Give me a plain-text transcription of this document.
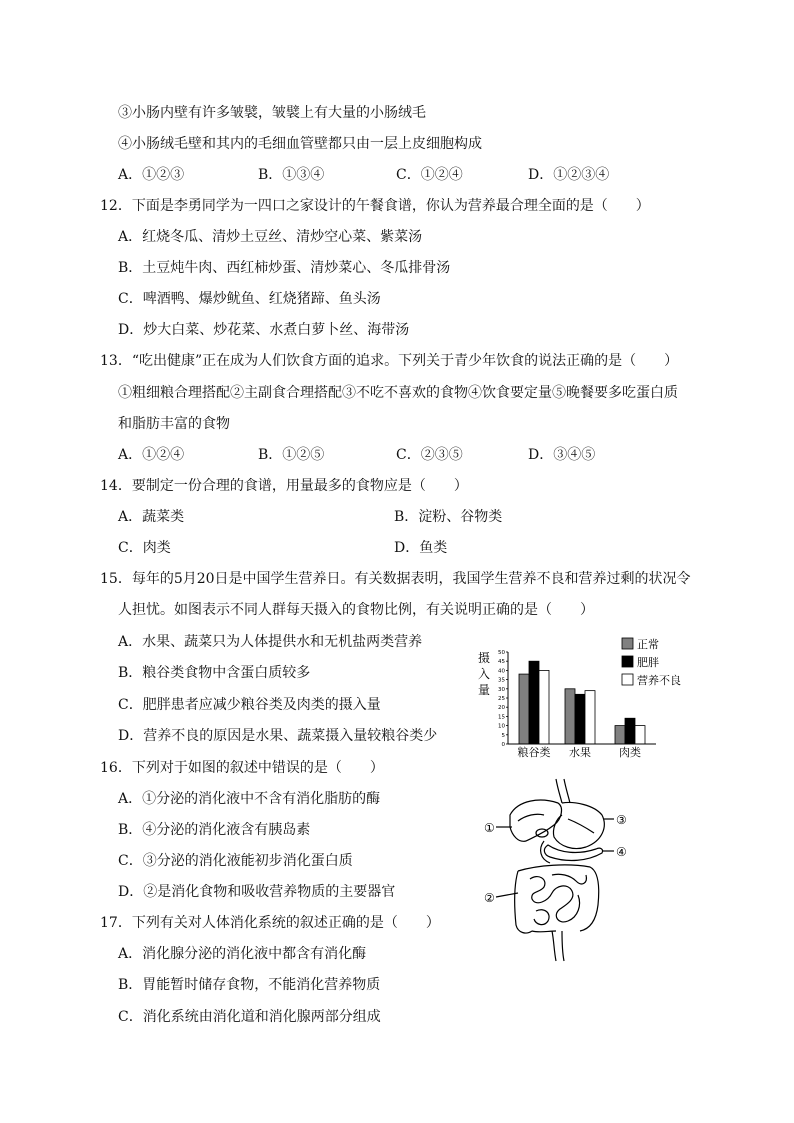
③小肠内壁有许多皱襞，皱襞上有大量的小肠绒毛
④小肠绒毛壁和其内的毛细血管壁都只由一层上皮细胞构成
A．①②③	B．①③④	C．①②④	D．①②③④
12．下面是李勇同学为一四口之家设计的午餐食谱，你认为营养最合理全面的是（　　）
A．红烧冬瓜、清炒土豆丝、清炒空心菜、紫菜汤
B．土豆炖牛肉、西红柿炒蛋、清炒菜心、冬瓜排骨汤
C．啤酒鸭、爆炒鱿鱼、红烧猪蹄、鱼头汤
D．炒大白菜、炒花菜、水煮白萝卜丝、海带汤
13．“吃出健康”正在成为人们饮食方面的追求。下列关于青少年饮食的说法正确的是（　　）
①粗细粮合理搭配②主副食合理搭配③不吃不喜欢的食物④饮食要定量⑤晚餐要多吃蛋白质
和脂肪丰富的食物
A．①②④	B．①②⑤	C．②③⑤	D．③④⑤
14．要制定一份合理的食谱，用量最多的食物应是（　　）
A．蔬菜类	B．淀粉、谷物类
C．肉类	D．鱼类
15．每年的5月20日是中国学生营养日。有关数据表明，我国学生营养不良和营养过剩的状况令
人担忧。如图表示不同人群每天摄入的食物比例，有关说明正确的是（　　）
A．水果、蔬菜只为人体提供水和无机盐两类营养
B．粮谷类食物中含蛋白质较多
C．肥胖患者应减少粮谷类及肉类的摄入量
D．营养不良的原因是水果、蔬菜摄入量较粮谷类少
摄
入
量
0
5
10
15
20
25
30
35
40
45
50
粮谷类 水果	肉类
正常
肥胖
营养不良
16．下列对于如图的叙述中错误的是（　　）
A．①分泌的消化液中不含有消化脂肪的酶
B．④分泌的消化液含有胰岛素
C．③分泌的消化液能初步消化蛋白质
D．②是消化食物和吸收营养物质的主要器官
①
②
③
④
17．下列有关对人体消化系统的叙述正确的是（　　）
A．消化腺分泌的消化液中都含有消化酶
B．胃能暂时储存食物，不能消化营养物质
C．消化系统由消化道和消化腺两部分组成
